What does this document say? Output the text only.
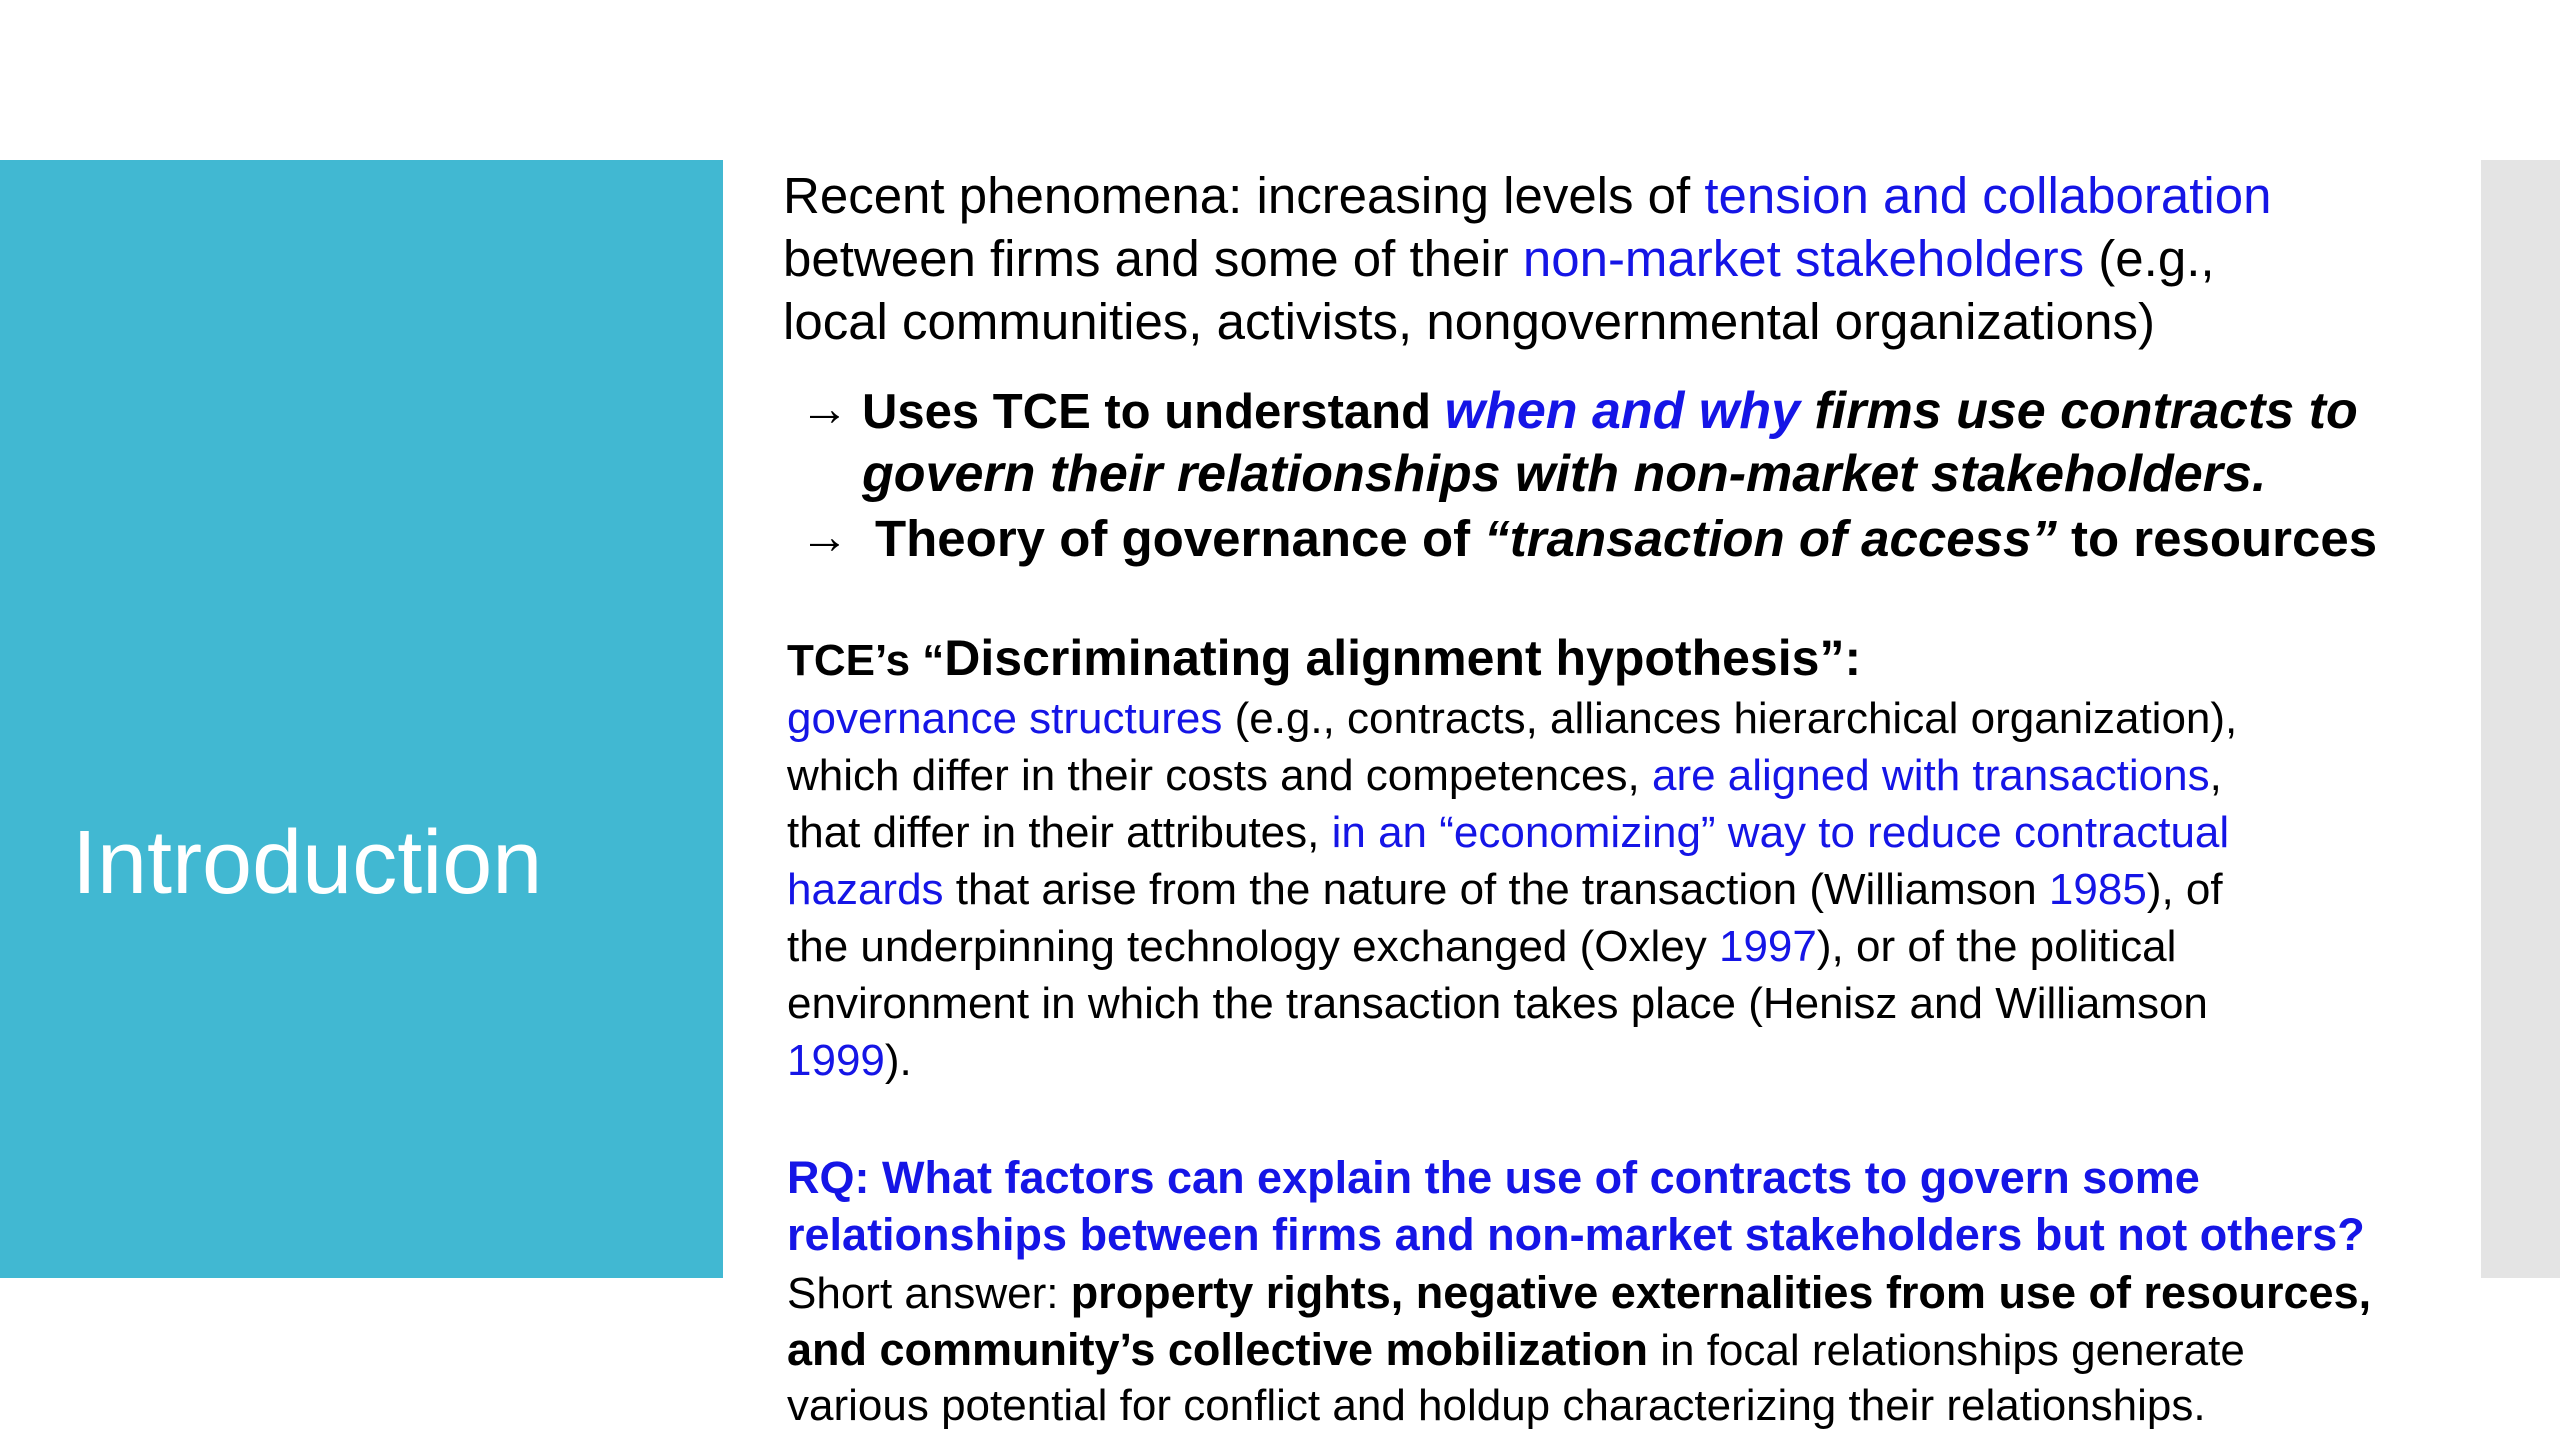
Introduction
Recent phenomena: increasing levels of tension and collaboration
between firms and some of their non-market stakeholders (e.g.,
local communities, activists, nongovernmental organizations)
→ Uses TCE to understand when and why firms use contracts to
govern their relationships with non-market stakeholders.
→ Theory of governance of “transaction of access” to resources
TCE’s “Discriminating alignment hypothesis”:
governance structures (e.g., contracts, alliances hierarchical organization),
which differ in their costs and competences, are aligned with transactions,
that differ in their attributes, in an “economizing” way to reduce contractual
hazards that arise from the nature of the transaction (Williamson 1985), of
the underpinning technology exchanged (Oxley 1997), or of the political
environment in which the transaction takes place (Henisz and Williamson
1999).
RQ: What factors can explain the use of contracts to govern some
relationships between firms and non-market stakeholders but not others?
Short answer: property rights, negative externalities from use of resources,
and community’s collective mobilization in focal relationships generate
various potential for conflict and holdup characterizing their relationships.
